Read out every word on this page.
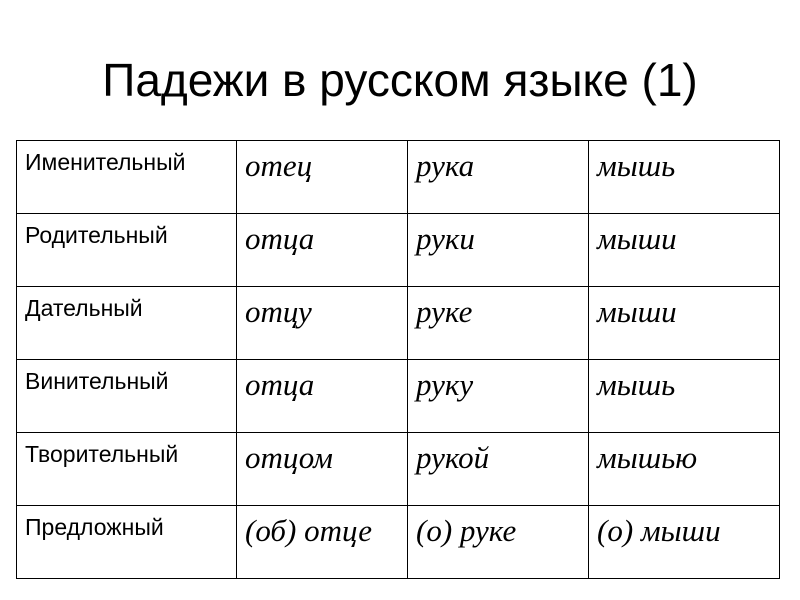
Падежи в русском языке (1)
Именительный	отец	рука	мышь
Родительный	отца	руки	мыши
Дательный	отцу	руке	мыши
Винительный	отца	руку	мышь
Творительный	отцом	рукой	мышью
Предложный	(об) отце	(о) руке	(о) мыши
